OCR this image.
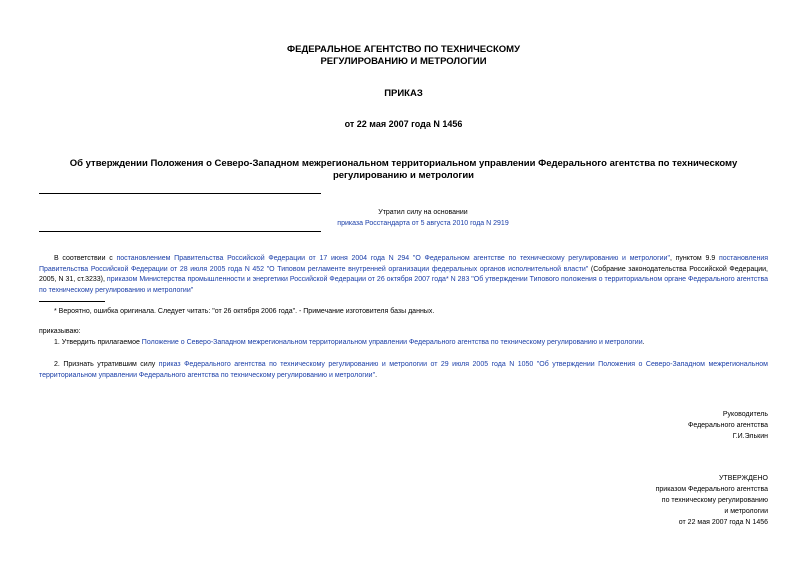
ФЕДЕРАЛЬНОЕ АГЕНТСТВО ПО ТЕХНИЧЕСКОМУ
РЕГУЛИРОВАНИЮ И МЕТРОЛОГИИ
ПРИКАЗ
от 22 мая 2007 года N 1456
Об утверждении Положения о Северо-Западном межрегиональном территориальном управлении Федерального агентства по техническому регулированию и метрологии
Утратил силу на основании
приказа Росстандарта от 5 августа 2010 года N 2919
В соответствии с постановлением Правительства Российской Федерации от 17 июня 2004 года N 294 "О Федеральном агентстве по техническому регулированию и метрологии", пунктом 9.9 постановления Правительства Российской Федерации от 28 июля 2005 года N 452 "О Типовом регламенте внутренней организации федеральных органов исполнительной власти" (Собрание законодательства Российской Федерации, 2005, N 31, ст.3233), приказом Министерства промышленности и энергетики Российской Федерации от 26 октября 2007 года* N 283 "Об утверждении Типового положения о территориальном органе Федерального агентства по техническому регулированию и метрологии"
* Вероятно, ошибка оригинала. Следует читать: "от 26 октября 2006 года". - Примечание изготовителя базы данных.
приказываю:
1. Утвердить прилагаемое Положение о Северо-Западном межрегиональном территориальном управлении Федерального агентства по техническому регулированию и метрологии.
2. Признать утратившим силу приказ Федерального агентства по техническому регулированию и метрологии от 29 июля 2005 года N 1050 "Об утверждении Положения о Северо-Западном межрегиональном территориальном управлении Федерального агентства по техническому регулированию и метрологии".
Руководитель
Федерального агентства
Г.И.Элькин
УТВЕРЖДЕНО
приказом Федерального агентства
по техническому регулированию
и метрологии
от 22 мая 2007 года N 1456
